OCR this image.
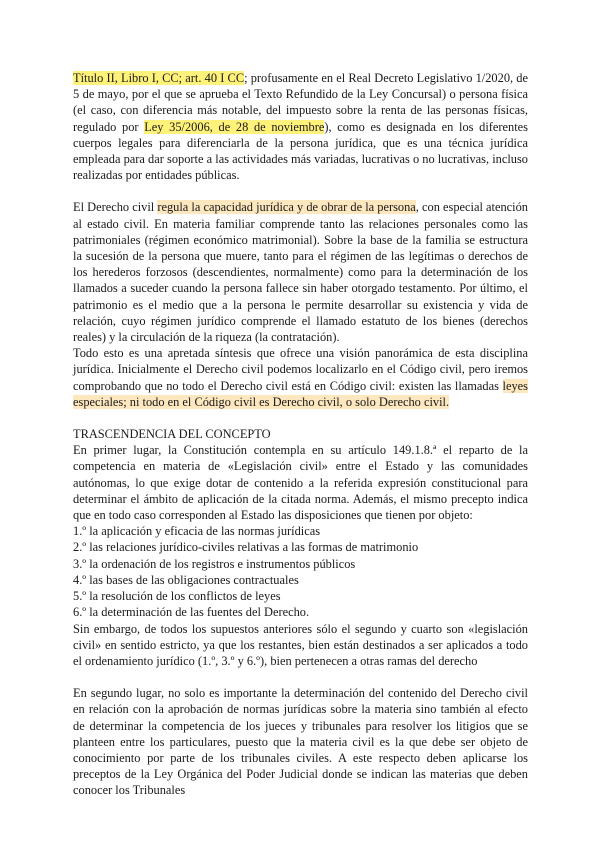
Título II, Libro I, CC; art. 40 I CC; profusamente en el Real Decreto Legislativo 1/2020, de 5 de mayo, por el que se aprueba el Texto Refundido de la Ley Concursal) o persona física (el caso, con diferencia más notable, del impuesto sobre la renta de las personas físicas, regulado por Ley 35/2006, de 28 de noviembre), como es designada en los diferentes cuerpos legales para diferenciarla de la persona jurídica, que es una técnica jurídica empleada para dar soporte a las actividades más variadas, lucrativas o no lucrativas, incluso realizadas por entidades públicas.

El Derecho civil regula la capacidad jurídica y de obrar de la persona, con especial atención al estado civil. En materia familiar comprende tanto las relaciones personales como las patrimoniales (régimen económico matrimonial). Sobre la base de la familia se estructura la sucesión de la persona que muere, tanto para el régimen de las legítimas o derechos de los herederos forzosos (descendientes, normalmente) como para la determinación de los llamados a suceder cuando la persona fallece sin haber otorgado testamento. Por último, el patrimonio es el medio que a la persona le permite desarrollar su existencia y vida de relación, cuyo régimen jurídico comprende el llamado estatuto de los bienes (derechos reales) y la circulación de la riqueza (la contratación).

Todo esto es una apretada síntesis que ofrece una visión panorámica de esta disciplina jurídica. Inicialmente el Derecho civil podemos localizarlo en el Código civil, pero iremos comprobando que no todo el Derecho civil está en Código civil: existen las llamadas leyes especiales; ni todo en el Código civil es Derecho civil, o solo Derecho civil.

TRASCENDENCIA DEL CONCEPTO

En primer lugar, la Constitución contempla en su artículo 149.1.8.ª el reparto de la competencia en materia de «Legislación civil» entre el Estado y las comunidades autónomas, lo que exige dotar de contenido a la referida expresión constitucional para determinar el ámbito de aplicación de la citada norma. Además, el mismo precepto indica que en todo caso corresponden al Estado las disposiciones que tienen por objeto:

1.º la aplicación y eficacia de las normas jurídicas
2.º las relaciones jurídico-civiles relativas a las formas de matrimonio
3.º la ordenación de los registros e instrumentos públicos
4.º las bases de las obligaciones contractuales
5.º la resolución de los conflictos de leyes
6.º la determinación de las fuentes del Derecho.

Sin embargo, de todos los supuestos anteriores sólo el segundo y cuarto son «legislación civil» en sentido estricto, ya que los restantes, bien están destinados a ser aplicados a todo el ordenamiento jurídico (1.º, 3.º y 6.º), bien pertenecen a otras ramas del derecho

En segundo lugar, no solo es importante la determinación del contenido del Derecho civil en relación con la aprobación de normas jurídicas sobre la materia sino también al efecto de determinar la competencia de los jueces y tribunales para resolver los litigios que se planteen entre los particulares, puesto que la materia civil es la que debe ser objeto de conocimiento por parte de los tribunales civiles. A este respecto deben aplicarse los preceptos de la Ley Orgánica del Poder Judicial donde se indican las materias que deben conocer los Tribunales
